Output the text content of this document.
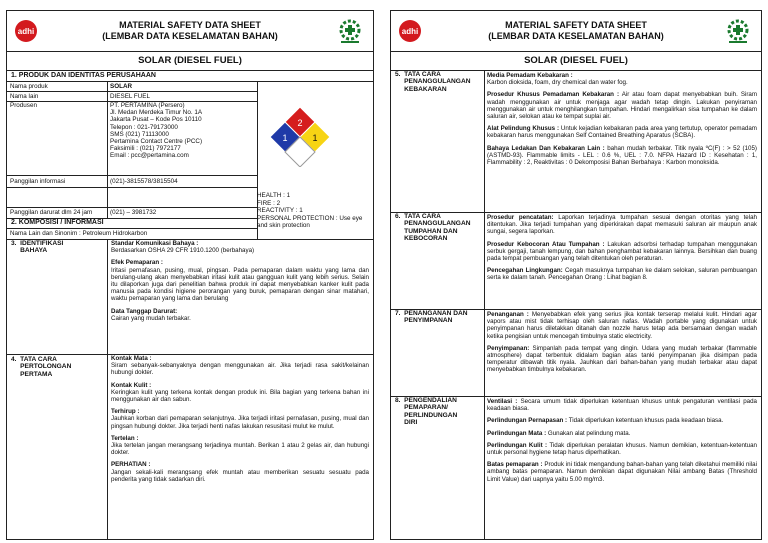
adhi
MATERIAL SAFETY DATA SHEET
(LEMBAR DATA KESELAMATAN BAHAN)
SOLAR (DIESEL FUEL)
1. PRODUK DAN IDENTITAS PERUSAHAAN
Nama produk	SOLAR
Nama lain	DIESEL FUEL
Produsen	PT. PERTAMINA (Persero)
Jl. Medan Merdeka Timur No. 1A
Jakarta Pusat – Kode Pos 10110
Telepon : 021-79173000
SMS (021) 71113000
Pertamina Contact Centre (PCC)
Faksimili : (021) 7972177
Email : pcc@pertamina.com
Panggilan informasi	(021)-3815578/3815504
Panggilan darurat dlm 24 jam	(021) – 3981732
2
1	1
HEALTH : 1
FIRE : 2
REACTIVITY : 1
PERSONAL PROTECTION : Use eye and skin protection
2. KOMPOSISI / INFORMASI
Nama Lain dan Sinonim : Petroleum Hidrokarbon
3.  IDENTIFIKASI
BAHAYA
Standar Komunikasi Bahaya :
Berdasarkan OSHA 29 CFR 1910.1200 (berbahaya)
Efek Pemaparan :
Iritasi pernafasan, pusing, mual, pingsan. Pada pemaparan dalam waktu yang lama dan berulang-ulang akan menyebabkan iritasi kulit atau gangguan kulit yang lebih serius. Selain itu dilaporkan juga dari penelitian bahwa produk ini dapat menyebabkan kanker kulit pada manusia pada kondisi higiene perorangan yang buruk, pemaparan dengan sinar matahari, waktu pemaparan yang lama dan berulang
Data Tanggap Darurat:
Cairan yang mudah terbakar.
4.  TATA CARA
PERTOLONGAN
PERTAMA
Kontak Mata :
Siram sebanyak-sebanyaknya dengan menggunakan air. Jika terjadi rasa sakit/kelainan hubungi dokter.
Kontak Kulit :
Keringkan kulit yang terkena kontak dengan produk ini. Bila bagian yang terkena bahan ini menggunakan air dan sabun.
Terhirup :
Jauhkan korban dari pemaparan selanjutnya. Jika terjadi iritasi pernafasan, pusing, mual dan pingsan hubungi dokter. Jika terjadi henti nafas lakukan resusitasi mulut ke mulut.
Tertelan :
Jika tertelan jangan merangsang terjadinya muntah. Berikan 1 atau 2 gelas air, dan hubungi dokter.
PERHATIAN :
Jangan sekali-kali merangsang efek muntah atau memberikan sesuatu sesuatu pada penderita yang tidak sadarkan diri.
adhi
MATERIAL SAFETY DATA SHEET
(LEMBAR DATA KESELAMATAN BAHAN)
SOLAR (DIESEL FUEL)
5.  TATA CARA
PENANGGULANGAN
KEBAKARAN
Media Pemadam Kebakaran :
Karbon dioksida, foam, dry chemical dan water fog.
Prosedur Khusus Pemadaman Kebakaran : Air atau foam dapat menyebabkan buih. Siram wadah menggunakan air untuk menjaga agar wadah tetap dingin. Lakukan penyiraman menggunakan air untuk menghilangkan tumpahan. Hindari mengalirkan sisa tumpahan ke dalam saluran air, selokan atau ke tempat suplai air.
Alat Pelindung Khusus : Untuk kejadian kebakaran pada area yang tertutup, operator pemadam kebakaran harus menggunakan Self Contained Breathing Aparatus (SCBA).
Bahaya Ledakan Dan Kebakaran Lain : bahan mudah terbakar. Titik nyala ºC(F) : > 52 (105) (ASTMD-93). Flammable limits - LEL : 0.6 %, UEL : 7.0. NFPA Hazard ID : Kesehatan : 1, Flammability : 2, Reaktivitas : 0 Dekomposisi Bahan Berbahaya : Karbon monoksida.
6.  TATA CARA
PENANGGULANGAN
TUMPAHAN DAN
KEBOCORAN
Prosedur pencatatan: Laporkan terjadinya tumpahan sesuai dengan otoritas yang telah ditentukan. Jika terjadi tumpahan yang diperkirakan dapat memasuki saluran air maupun anak sungai, segera laporkan.
Prosedur Kebocoran Atau Tumpahan : Lakukan adsorbsi terhadap tumpahan menggunakan serbuk gergaji, tanah lempung, dan bahan penghambat kebakaran lainnya. Bersihkan dan buang pada tempat pembuangan yang telah ditentukan oleh peraturan.
Pencegahan Lingkungan: Cegah masuknya tumpahan ke dalam selokan, saluran pembuangan serta ke dalam tanah. Pencegahan Orang : Lihat bagian 8.
7.  PENANGANAN DAN
PENYIMPANAN
Penanganan : Menyebabkan efek yang serius jika kontak terserap melalui kulit. Hindari agar vapors atau mist tidak terhisap oleh saluran nafas. Wadah portable yang digunakan untuk penyimpanan harus diletakkan ditanah dan nozzle harus tetap ada bersamaan dengan wadah ketika pengisian untuk mencegah timbulnya static electricity.
Penyimpanan: Simpanlah pada tempat yang dingin. Udara yang mudah terbakar (flammable atmosphere) dapat terbentuk didalam bagian atas tanki penyimpanan jika disimpan pada temperatur dibawah titik nyala. Jauhkan dari bahan-bahan yang mudah terbakar atau dapat menyebabkan timbulnya kebakaran.
8.  PENGENDALIAN
PEMAPARAN/
PERLINDUNGAN
DIRI
Ventilasi : Secara umum tidak diperlukan ketentuan khusus untuk pengaturan ventilasi pada keadaan biasa.
Perlindungan Pernapasan : Tidak diperlukan ketentuan khusus pada keadaan biasa.
Perlindungan Mata : Gunakan alat pelindung mata.
Perlindungan Kulit : Tidak diperlukan peralatan khusus. Namun demikian, ketentuan-ketentuan untuk personal hygiene tetap harus diperhatikan.
Batas pemaparan : Produk ini tidak mengandung bahan-bahan yang telah diketahui memiliki nilai ambang batas pemaparan. Namun demikian dapat digunakan Nilai ambang Batas (Threshold Limit Value) dari uapnya yaitu 5.00 mg/m3.
